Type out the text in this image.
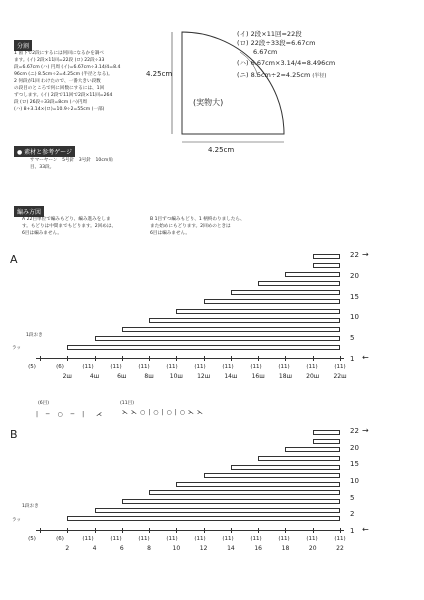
分割
1 箇下で2段にするには何回になるかを調べ
ます。(イ) 2段×11回=22段 (ロ) 22段÷33
段=6.67cm (ハ) 円周 (イ)=6.67cm÷3.14/4=8.4
96cm (ニ) 8.5cm÷2=4.25cm (半径となる)。
2 何段が1回 わけたので、一番大きい段数
の段目のところで何に回数にするには、1回
ずつします。(イ) 2段で11回で2段×11回=264
段 (ロ) 26段÷33段=8cm (ハ)円周
(ハ) 8+3.14×(ロ)=10.9÷2=55cm (一部)
● 素材と参考ゲージ
サマーヤーン　5号針　3号針　10cm角
目、33段。
4.25cm
4.25cm
(実物大)
(イ) 2段×11回=22段
(ロ) 22段÷33段=6.67cm
6.67cm
(ハ) 6.67cm×3.14/4=8.496cm
(ニ) 8.5cm÷2=4.25cm (半径)
編み方図
A 22目単位で編みもどり、編み進みをしま
す。もどりは中間までもどります。2回めは、
6目は編みません。
B 1目ずつ編みもどり、1 柄終わりましたら、
また始めにもどります。2回めのときは
6目は編みません。
A	22
20
15
10
5
1
→
←
(5)	(6)	(11)	(11)	(11)	(11)	(11)	(11)	(11)	(11)	(11)	(11)
2ш	4ш	6ш	8ш	10ш	12ш	14ш	16ш	18ш	20ш	22ш
1段おき
ラッ
(6目)	(11目)
| ─ ○ ─ |　⋌	⋋⋋○|○|○|○⋋⋋
B	22
20
15
10
5
2
1
→
←
(5)	(6)	(11)	(11)	(11)	(11)	(11)	(11)	(11)	(11)	(11)	(11)
2	4	6	8	10	12	14	16	18	20	22
1段おき
ラッ
